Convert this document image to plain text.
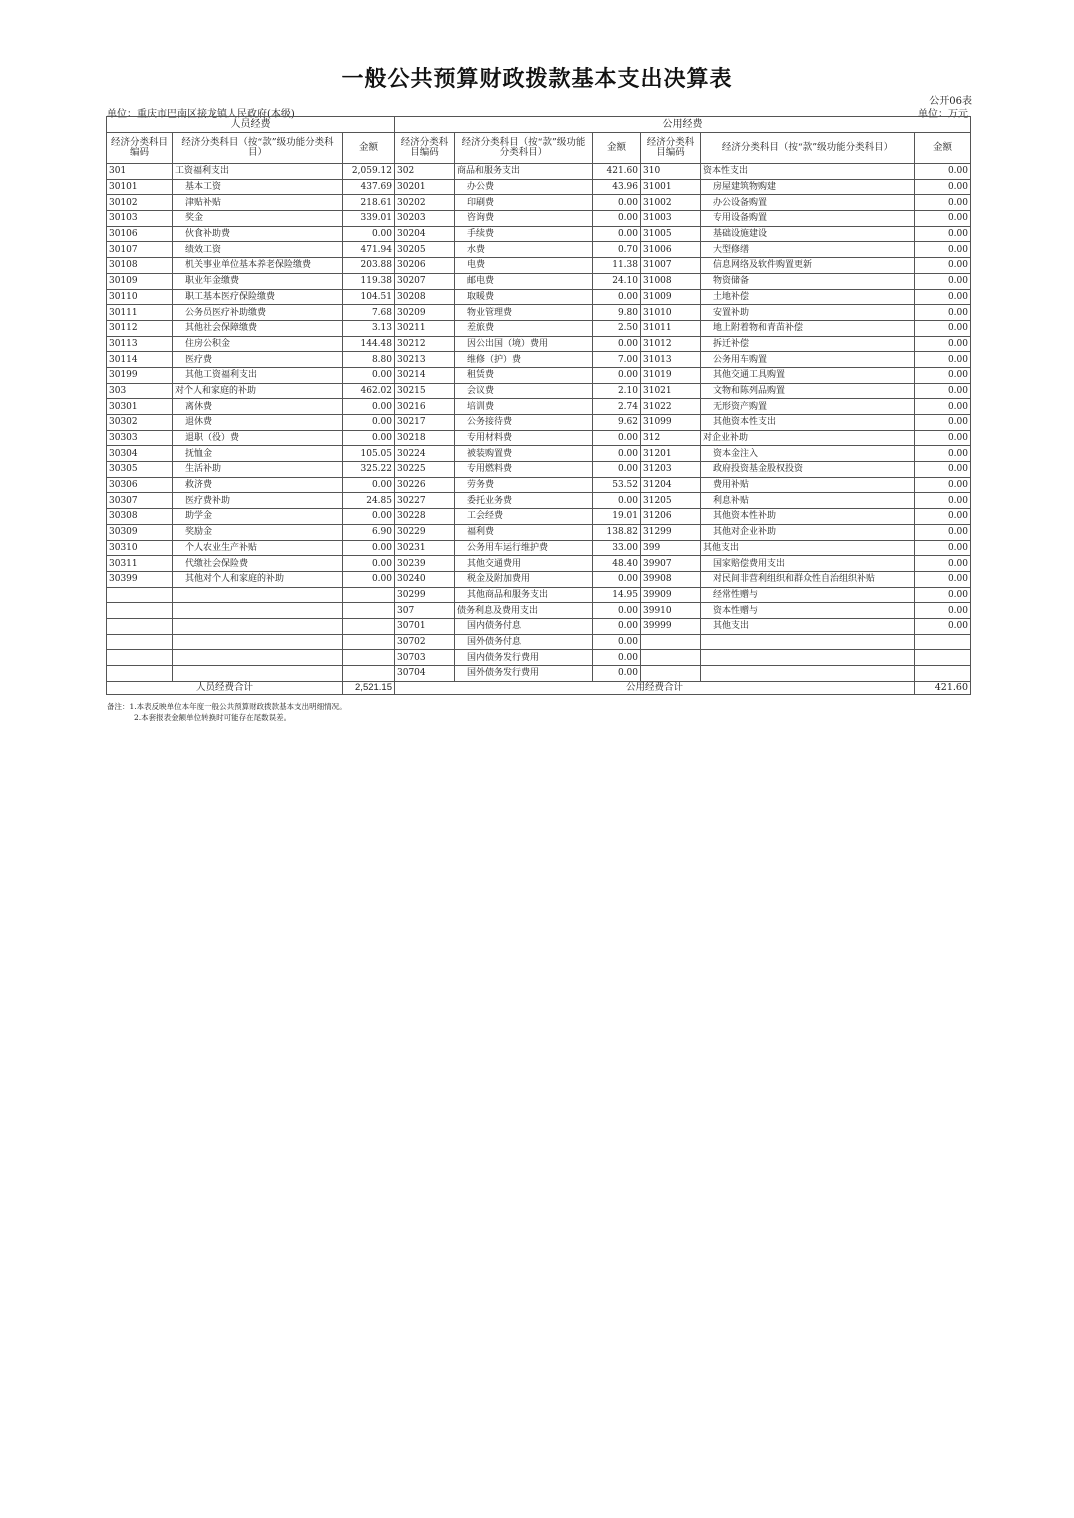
一般公共预算财政拨款基本支出决算表
公开06表
单位：重庆市巴南区接龙镇人民政府(本级)	单位：万元
人员经费			公用经费					
经济分类科目编码	经济分类科目（按“款”级功能分类科目）	金额	经济分类科目编码	经济分类科目（按“款”级功能分类科目）	金额	经济分类科目编码	经济分类科目（按“款”级功能分类科目）	金额
301	工资福利支出	2,059.12	302	商品和服务支出	421.60	310	资本性支出	0.00
30101	基本工资	437.69	30201	办公费	43.96	31001	房屋建筑物购建	0.00
30102	津贴补贴	218.61	30202	印刷费	0.00	31002	办公设备购置	0.00
30103	奖金	339.01	30203	咨询费	0.00	31003	专用设备购置	0.00
30106	伙食补助费	0.00	30204	手续费	0.00	31005	基础设施建设	0.00
30107	绩效工资	471.94	30205	水费	0.70	31006	大型修缮	0.00
30108	机关事业单位基本养老保险缴费	203.88	30206	电费	11.38	31007	信息网络及软件购置更新	0.00
30109	职业年金缴费	119.38	30207	邮电费	24.10	31008	物资储备	0.00
30110	职工基本医疗保险缴费	104.51	30208	取暖费	0.00	31009	土地补偿	0.00
30111	公务员医疗补助缴费	7.68	30209	物业管理费	9.80	31010	安置补助	0.00
30112	其他社会保障缴费	3.13	30211	差旅费	2.50	31011	地上附着物和青苗补偿	0.00
30113	住房公积金	144.48	30212	因公出国（境）费用	0.00	31012	拆迁补偿	0.00
30114	医疗费	8.80	30213	维修（护）费	7.00	31013	公务用车购置	0.00
30199	其他工资福利支出	0.00	30214	租赁费	0.00	31019	其他交通工具购置	0.00
303	对个人和家庭的补助	462.02	30215	会议费	2.10	31021	文物和陈列品购置	0.00
30301	离休费	0.00	30216	培训费	2.74	31022	无形资产购置	0.00
30302	退休费	0.00	30217	公务接待费	9.62	31099	其他资本性支出	0.00
30303	退职（役）费	0.00	30218	专用材料费	0.00	312	对企业补助	0.00
30304	抚恤金	105.05	30224	被装购置费	0.00	31201	资本金注入	0.00
30305	生活补助	325.22	30225	专用燃料费	0.00	31203	政府投资基金股权投资	0.00
30306	救济费	0.00	30226	劳务费	53.52	31204	费用补贴	0.00
30307	医疗费补助	24.85	30227	委托业务费	0.00	31205	利息补贴	0.00
30308	助学金	0.00	30228	工会经费	19.01	31206	其他资本性补助	0.00
30309	奖励金	6.90	30229	福利费	138.82	31299	其他对企业补助	0.00
30310	个人农业生产补贴	0.00	30231	公务用车运行维护费	33.00	399	其他支出	0.00
30311	代缴社会保险费	0.00	30239	其他交通费用	48.40	39907	国家赔偿费用支出	0.00
30399	其他对个人和家庭的补助	0.00	30240	税金及附加费用	0.00	39908	对民间非营利组织和群众性自治组织补贴	0.00
			30299	其他商品和服务支出	14.95	39909	经常性赠与	0.00
			307	债务利息及费用支出	0.00	39910	资本性赠与	0.00
			30701	国内债务付息	0.00	39999	其他支出	0.00
			30702	国外债务付息	0.00			
			30703	国内债务发行费用	0.00			
			30704	国外债务发行费用	0.00			
人员经费合计		2,521.15	公用经费合计					421.60
备注：1.本表反映单位本年度一般公共预算财政拨款基本支出明细情况。
2.本套报表金额单位转换时可能存在尾数误差。
